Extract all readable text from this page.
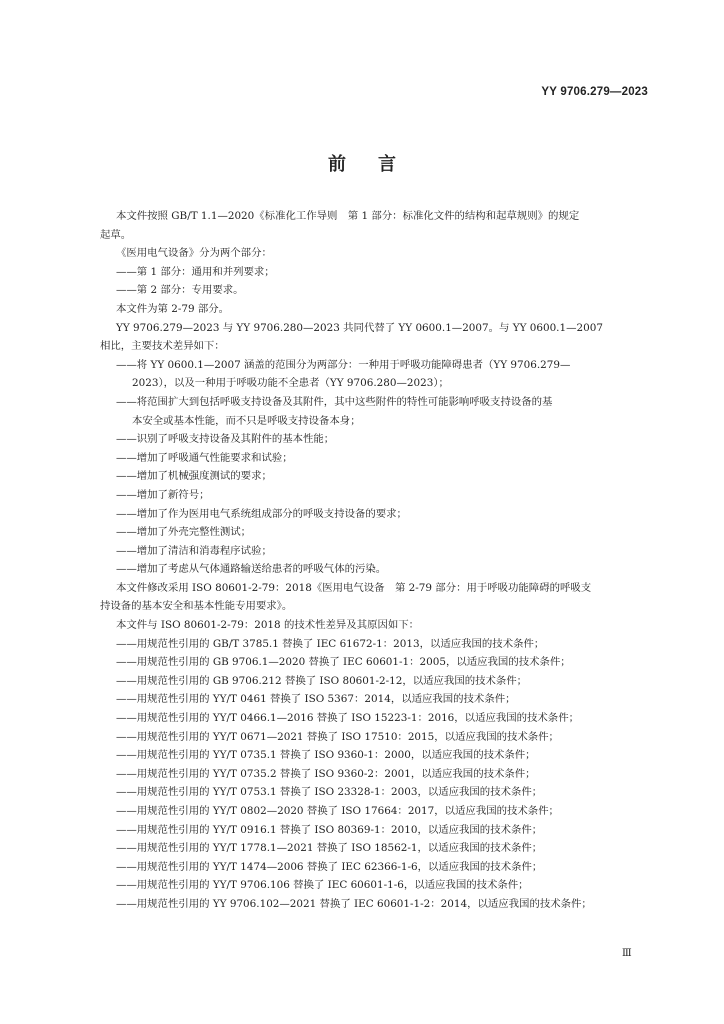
YY 9706.279—2023
前言

本文件按照 GB/T 1.1—2020《标准化工作导则　第 1 部分：标准化文件的结构和起草规则》的规定

起草。

《医用电气设备》分为两个部分：

——第 1 部分：通用和并列要求；

——第 2 部分：专用要求。

本文件为第 2-79 部分。

YY 9706.279—2023 与 YY 9706.280—2023 共同代替了 YY 0600.1—2007。与 YY 0600.1—2007

相比，主要技术差异如下：

——将 YY 0600.1—2007 涵盖的范围分为两部分：一种用于呼吸功能障碍患者（YY 9706.279—

2023），以及一种用于呼吸功能不全患者（YY 9706.280—2023）；

——将范围扩大到包括呼吸支持设备及其附件，其中这些附件的特性可能影响呼吸支持设备的基

本安全或基本性能，而不只是呼吸支持设备本身；

——识别了呼吸支持设备及其附件的基本性能；

——增加了呼吸通气性能要求和试验；

——增加了机械强度测试的要求；

——增加了新符号；

——增加了作为医用电气系统组成部分的呼吸支持设备的要求；

——增加了外壳完整性测试；

——增加了清洁和消毒程序试验；

——增加了考虑从气体通路输送给患者的呼吸气体的污染。

本文件修改采用 ISO 80601-2-79：2018《医用电气设备　第 2-79 部分：用于呼吸功能障碍的呼吸支

持设备的基本安全和基本性能专用要求》。

本文件与 ISO 80601-2-79：2018 的技术性差异及其原因如下：

——用规范性引用的 GB/T 3785.1 替换了 IEC 61672-1：2013，以适应我国的技术条件；

——用规范性引用的 GB 9706.1—2020 替换了 IEC 60601-1：2005，以适应我国的技术条件；

——用规范性引用的 GB 9706.212 替换了 ISO 80601-2-12，以适应我国的技术条件；

——用规范性引用的 YY/T 0461 替换了 ISO 5367：2014，以适应我国的技术条件；

——用规范性引用的 YY/T 0466.1—2016 替换了 ISO 15223-1：2016，以适应我国的技术条件；

——用规范性引用的 YY/T 0671—2021 替换了 ISO 17510：2015，以适应我国的技术条件；

——用规范性引用的 YY/T 0735.1 替换了 ISO 9360-1：2000，以适应我国的技术条件；

——用规范性引用的 YY/T 0735.2 替换了 ISO 9360-2：2001，以适应我国的技术条件；

——用规范性引用的 YY/T 0753.1 替换了 ISO 23328-1：2003，以适应我国的技术条件；

——用规范性引用的 YY/T 0802—2020 替换了 ISO 17664：2017，以适应我国的技术条件；

——用规范性引用的 YY/T 0916.1 替换了 ISO 80369-1：2010，以适应我国的技术条件；

——用规范性引用的 YY/T 1778.1—2021 替换了 ISO 18562-1，以适应我国的技术条件；

——用规范性引用的 YY/T 1474—2006 替换了 IEC 62366-1-6，以适应我国的技术条件；

——用规范性引用的 YY/T 9706.106 替换了 IEC 60601-1-6，以适应我国的技术条件；

——用规范性引用的 YY 9706.102—2021 替换了 IEC 60601-1-2：2014，以适应我国的技术条件；

Ⅲ
